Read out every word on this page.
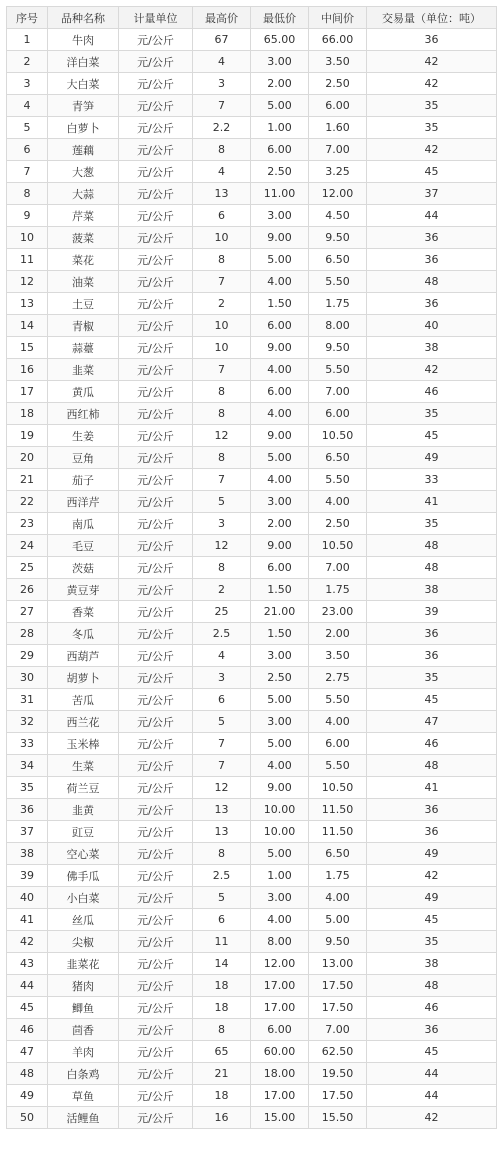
序号	品种名称	计量单位	最高价	最低价	中间价	交易量（单位：吨）
1	牛肉	元/公斤	67	65.00	66.00	36
2	洋白菜	元/公斤	4	3.00	3.50	42
3	大白菜	元/公斤	3	2.00	2.50	42
4	青笋	元/公斤	7	5.00	6.00	35
5	白萝卜	元/公斤	2.2	1.00	1.60	35
6	莲藕	元/公斤	8	6.00	7.00	42
7	大葱	元/公斤	4	2.50	3.25	45
8	大蒜	元/公斤	13	11.00	12.00	37
9	芹菜	元/公斤	6	3.00	4.50	44
10	菠菜	元/公斤	10	9.00	9.50	36
11	菜花	元/公斤	8	5.00	6.50	36
12	油菜	元/公斤	7	4.00	5.50	48
13	土豆	元/公斤	2	1.50	1.75	36
14	青椒	元/公斤	10	6.00	8.00	40
15	蒜薹	元/公斤	10	9.00	9.50	38
16	韭菜	元/公斤	7	4.00	5.50	42
17	黄瓜	元/公斤	8	6.00	7.00	46
18	西红柿	元/公斤	8	4.00	6.00	35
19	生姜	元/公斤	12	9.00	10.50	45
20	豆角	元/公斤	8	5.00	6.50	49
21	茄子	元/公斤	7	4.00	5.50	33
22	西洋芹	元/公斤	5	3.00	4.00	41
23	南瓜	元/公斤	3	2.00	2.50	35
24	毛豆	元/公斤	12	9.00	10.50	48
25	茨菇	元/公斤	8	6.00	7.00	48
26	黄豆芽	元/公斤	2	1.50	1.75	38
27	香菜	元/公斤	25	21.00	23.00	39
28	冬瓜	元/公斤	2.5	1.50	2.00	36
29	西葫芦	元/公斤	4	3.00	3.50	36
30	胡萝卜	元/公斤	3	2.50	2.75	35
31	苦瓜	元/公斤	6	5.00	5.50	45
32	西兰花	元/公斤	5	3.00	4.00	47
33	玉米棒	元/公斤	7	5.00	6.00	46
34	生菜	元/公斤	7	4.00	5.50	48
35	荷兰豆	元/公斤	12	9.00	10.50	41
36	韭黄	元/公斤	13	10.00	11.50	36
37	豇豆	元/公斤	13	10.00	11.50	36
38	空心菜	元/公斤	8	5.00	6.50	49
39	佛手瓜	元/公斤	2.5	1.00	1.75	42
40	小白菜	元/公斤	5	3.00	4.00	49
41	丝瓜	元/公斤	6	4.00	5.00	45
42	尖椒	元/公斤	11	8.00	9.50	35
43	韭菜花	元/公斤	14	12.00	13.00	38
44	猪肉	元/公斤	18	17.00	17.50	48
45	鲫鱼	元/公斤	18	17.00	17.50	46
46	茴香	元/公斤	8	6.00	7.00	36
47	羊肉	元/公斤	65	60.00	62.50	45
48	白条鸡	元/公斤	21	18.00	19.50	44
49	草鱼	元/公斤	18	17.00	17.50	44
50	活鲤鱼	元/公斤	16	15.00	15.50	42
